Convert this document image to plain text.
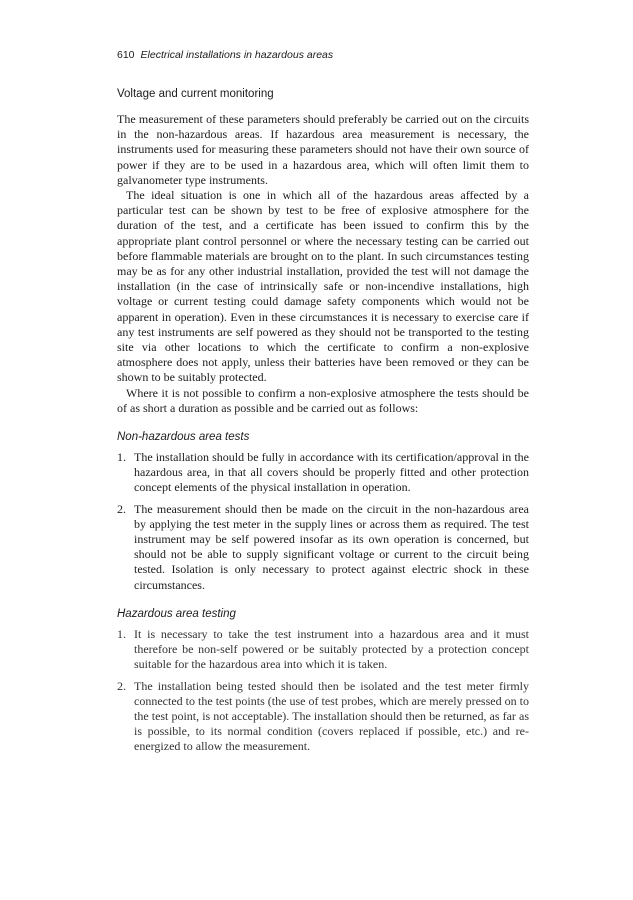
610 Electrical installations in hazardous areas
Voltage and current monitoring

The measurement of these parameters should preferably be carried out on the circuits in the non-hazardous areas. If hazardous area measurement is necessary, the instruments used for measuring these parameters should not have their own source of power if they are to be used in a hazardous area, which will often limit them to galvanometer type instruments.

The ideal situation is one in which all of the hazardous areas affected by a particular test can be shown by test to be free of explosive atmosphere for the duration of the test, and a certificate has been issued to confirm this by the appropriate plant control personnel or where the necessary testing can be carried out before flammable materials are brought on to the plant. In such circumstances testing may be as for any other industrial installation, provided the test will not damage the installation (in the case of intrinsically safe or non-incendive installations, high voltage or current testing could damage safety components which would not be apparent in operation). Even in these circumstances it is necessary to exercise care if any test instruments are self powered as they should not be transported to the testing site via other locations to which the certificate to confirm a non-explosive atmosphere does not apply, unless their batteries have been removed or they can be shown to be suitably protected.

Where it is not possible to confirm a non-explosive atmosphere the tests should be of as short a duration as possible and be carried out as follows:

Non-hazardous area tests
1. The installation should be fully in accordance with its certification/approval in the hazardous area, in that all covers should be properly fitted and other protection concept elements of the physical installation in operation.

2. The measurement should then be made on the circuit in the non-hazardous area by applying the test meter in the supply lines or across them as required. The test instrument may be self powered insofar as its own operation is concerned, but should not be able to supply significant voltage or current to the circuit being tested. Isolation is only necessary to protect against electric shock in these circumstances.

Hazardous area testing
1. It is necessary to take the test instrument into a hazardous area and it must therefore be non-self powered or be suitably protected by a protection concept suitable for the hazardous area into which it is taken.

2. The installation being tested should then be isolated and the test meter firmly connected to the test points (the use of test probes, which are merely pressed on to the test point, is not acceptable). The installation should then be returned, as far as is possible, to its normal condition (covers replaced if possible, etc.) and re-energized to allow the measurement.
